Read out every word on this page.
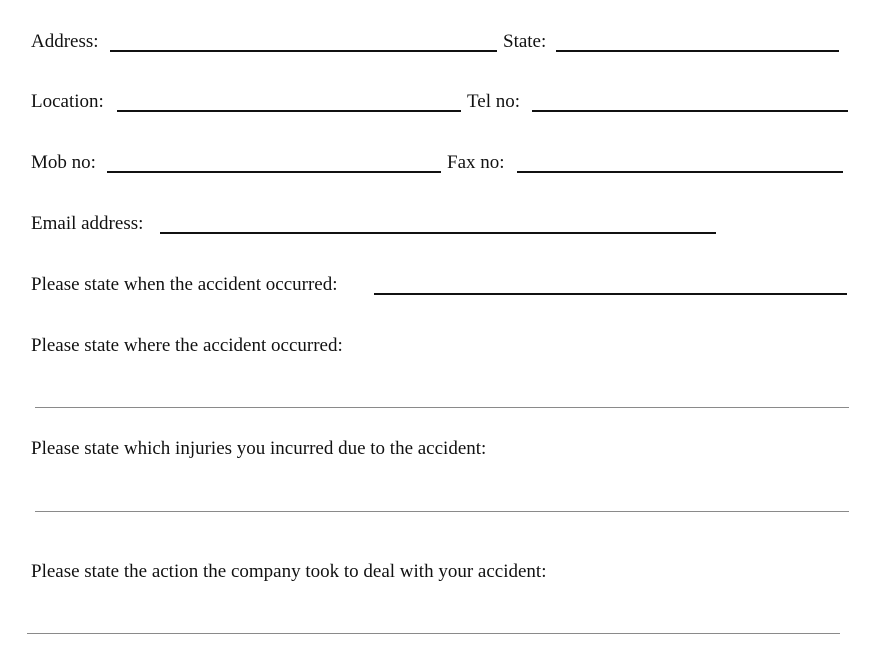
Address:	State:
Location:	Tel no:
Mob no:	Fax no:
Email address:
Please state when the accident occurred:
Please state where the accident occurred:
Please state which injuries you incurred due to the accident:
Please state the action the company took to deal with your accident:
